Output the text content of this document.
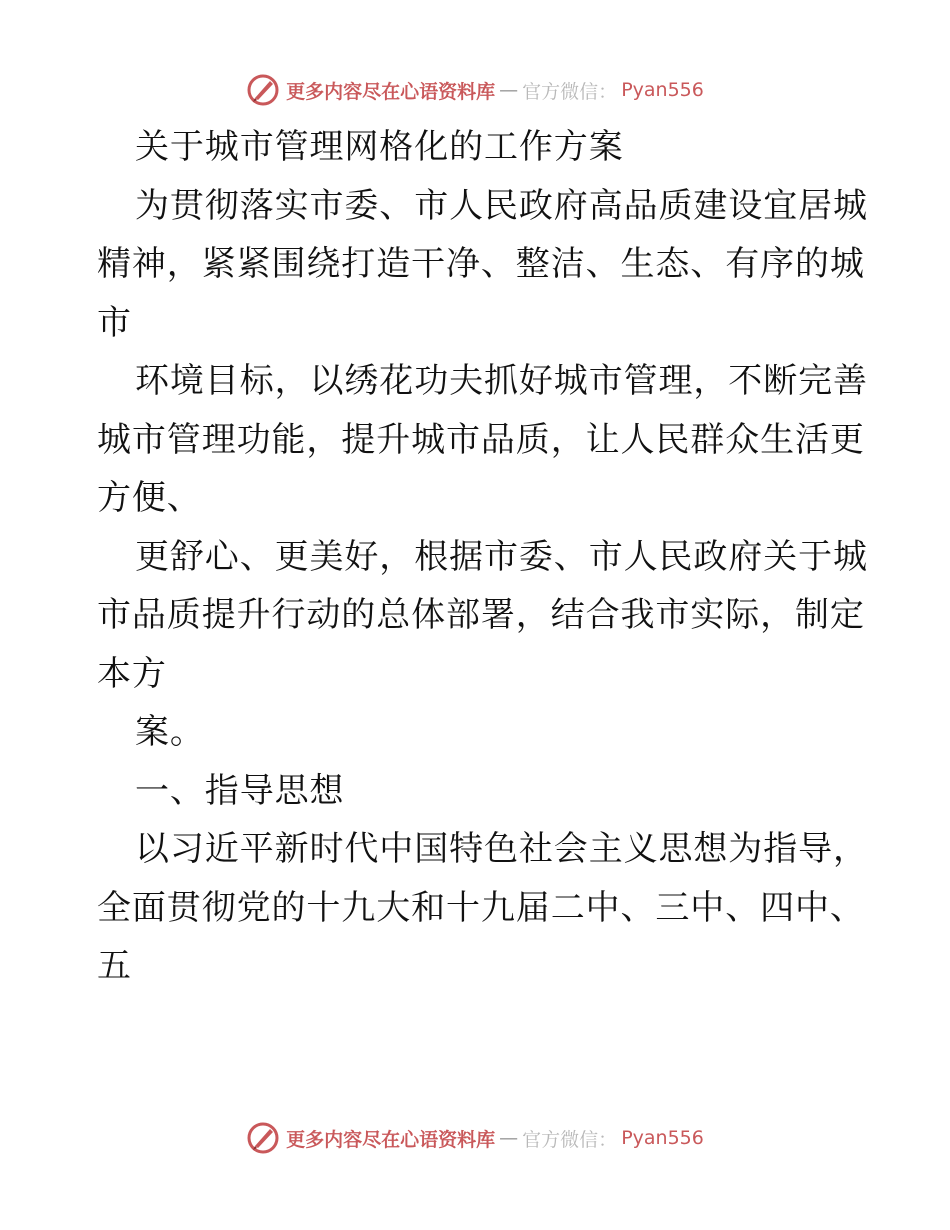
更多内容尽在心语资料库 — 官方微信： Pyan556
关于城市管理网格化的工作方案
为贯彻落实市委、市人民政府高品质建设宜居城
精神，紧紧围绕打造干净、整洁、生态、有序的城
市
环境目标，以绣花功夫抓好城市管理，不断完善
城市管理功能，提升城市品质，让人民群众生活更
方便、
更舒心、更美好，根据市委、市人民政府关于城
市品质提升行动的总体部署，结合我市实际，制定
本方
案。
一、指导思想
以习近平新时代中国特色社会主义思想为指导，
全面贯彻党的十九大和十九届二中、三中、四中、
五
更多内容尽在心语资料库 — 官方微信： Pyan556
